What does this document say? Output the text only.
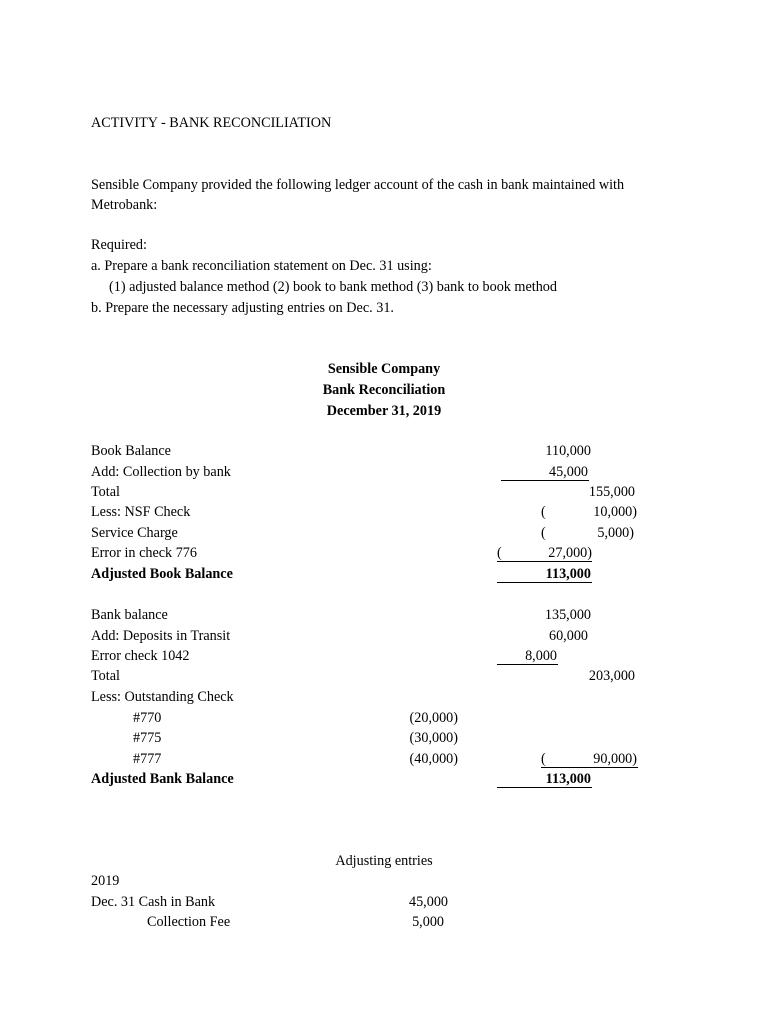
ACTIVITY - BANK RECONCILIATION
Sensible Company provided the following ledger account of the cash in bank maintained with
Metrobank:
Required:
a. Prepare a bank reconciliation statement on Dec. 31 using:
(1) adjusted balance method (2) book to bank method (3) bank to book method
b. Prepare the necessary adjusting entries on Dec. 31.
Sensible Company
Bank Reconciliation
December 31, 2019
Book Balance	110,000
Add: Collection by bank	45,000
Total	155,000
Less: NSF Check	(	10,000)
Service Charge	(	5,000)
Error in check 776	(	27,000)
Adjusted Book Balance	113,000
Bank balance	135,000
Add: Deposits in Transit	60,000
Error check 1042	8,000
Total	203,000
Less: Outstanding Check
#770	(20,000)
#775	(30,000)
#777	(40,000)	(	90,000)
Adjusted Bank Balance	113,000
Adjusting entries
2019
Dec. 31 Cash in Bank	45,000
Collection Fee	5,000
